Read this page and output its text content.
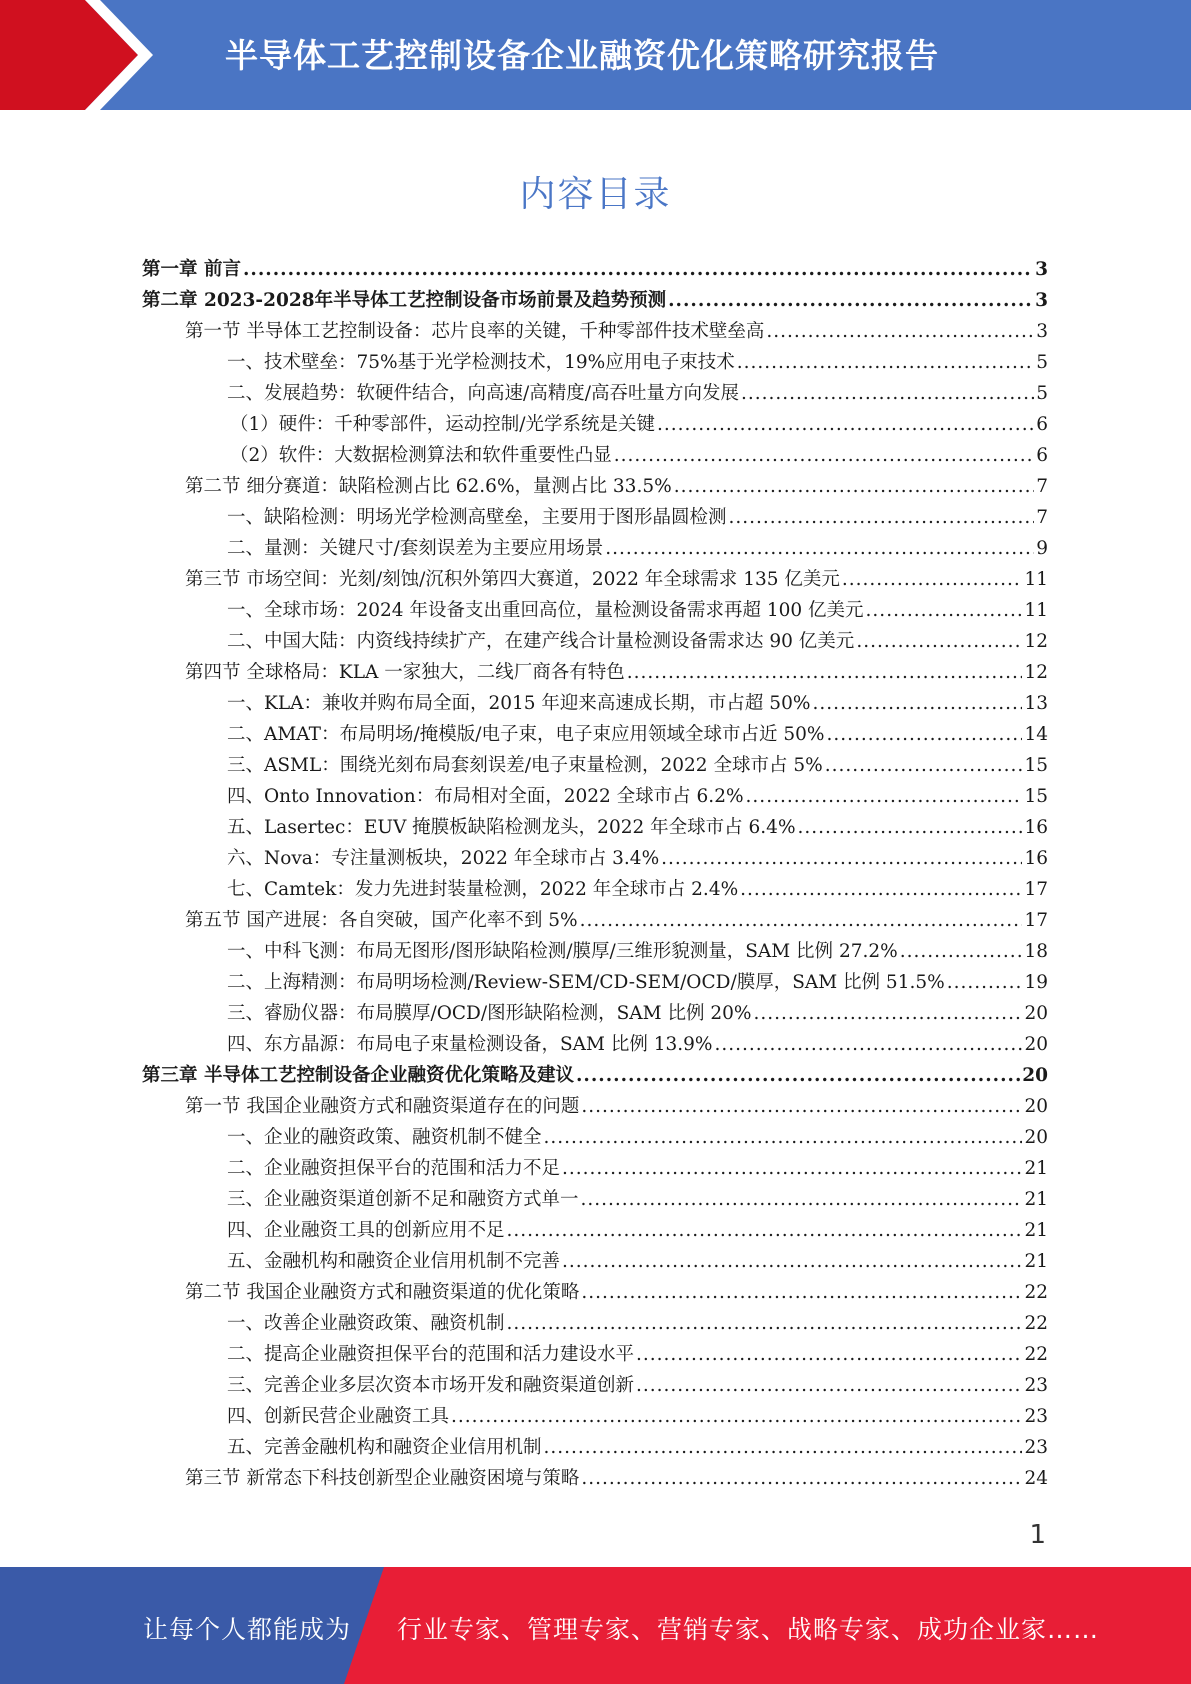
半导体工艺控制设备企业融资优化策略研究报告
内容目录
第一章 前言 .....	3
第二章 2023-2028年半导体工艺控制设备市场前景及趋势预测 .....	3
第一节 半导体工艺控制设备：芯片良率的关键，千种零部件技术壁垒高 .....	3
一、技术壁垒：75%基于光学检测技术，19%应用电子束技术 .....	5
二、发展趋势：软硬件结合，向高速/高精度/高吞吐量方向发展 .....	5
（1）硬件：千种零部件，运动控制/光学系统是关键 .....	6
（2）软件：大数据检测算法和软件重要性凸显 .....	6
第二节 细分赛道：缺陷检测占比 62.6%，量测占比 33.5% .....	7
一、缺陷检测：明场光学检测高壁垒，主要用于图形晶圆检测 .....	7
二、量测：关键尺寸/套刻误差为主要应用场景 .....	9
第三节 市场空间：光刻/刻蚀/沉积外第四大赛道，2022 年全球需求 135 亿美元 .....	11
一、全球市场：2024 年设备支出重回高位，量检测设备需求再超 100 亿美元 .....	11
二、中国大陆：内资线持续扩产，在建产线合计量检测设备需求达 90 亿美元 .....	12
第四节 全球格局：KLA 一家独大，二线厂商各有特色 .....	12
一、KLA：兼收并购布局全面，2015 年迎来高速成长期，市占超 50% .....	13
二、AMAT：布局明场/掩模版/电子束，电子束应用领域全球市占近 50% .....	14
三、ASML：围绕光刻布局套刻误差/电子束量检测，2022 全球市占 5% .....	15
四、Onto Innovation：布局相对全面，2022 全球市占 6.2% .....	15
五、Lasertec：EUV 掩膜板缺陷检测龙头，2022 年全球市占 6.4% .....	16
六、Nova：专注量测板块，2022 年全球市占 3.4% .....	16
七、Camtek：发力先进封装量检测，2022 年全球市占 2.4% .....	17
第五节 国产进展：各自突破，国产化率不到 5% .....	17
一、中科飞测：布局无图形/图形缺陷检测/膜厚/三维形貌测量，SAM 比例 27.2% .....	18
二、上海精测：布局明场检测/Review-SEM/CD-SEM/OCD/膜厚，SAM 比例 51.5% .....	19
三、睿励仪器：布局膜厚/OCD/图形缺陷检测，SAM 比例 20% .....	20
四、东方晶源：布局电子束量检测设备，SAM 比例 13.9% .....	20
第三章 半导体工艺控制设备企业融资优化策略及建议 .....	20
第一节 我国企业融资方式和融资渠道存在的问题 .....	20
一、企业的融资政策、融资机制不健全 .....	20
二、企业融资担保平台的范围和活力不足 .....	21
三、企业融资渠道创新不足和融资方式单一 .....	21
四、企业融资工具的创新应用不足 .....	21
五、金融机构和融资企业信用机制不完善 .....	21
第二节 我国企业融资方式和融资渠道的优化策略 .....	22
一、改善企业融资政策、融资机制 .....	22
二、提高企业融资担保平台的范围和活力建设水平 .....	22
三、完善企业多层次资本市场开发和融资渠道创新 .....	23
四、创新民营企业融资工具 .....	23
五、完善金融机构和融资企业信用机制 .....	23
第三节 新常态下科技创新型企业融资困境与策略 .....	24
1
让每个人都能成为 行业专家、管理专家、营销专家、战略专家、成功企业家……
